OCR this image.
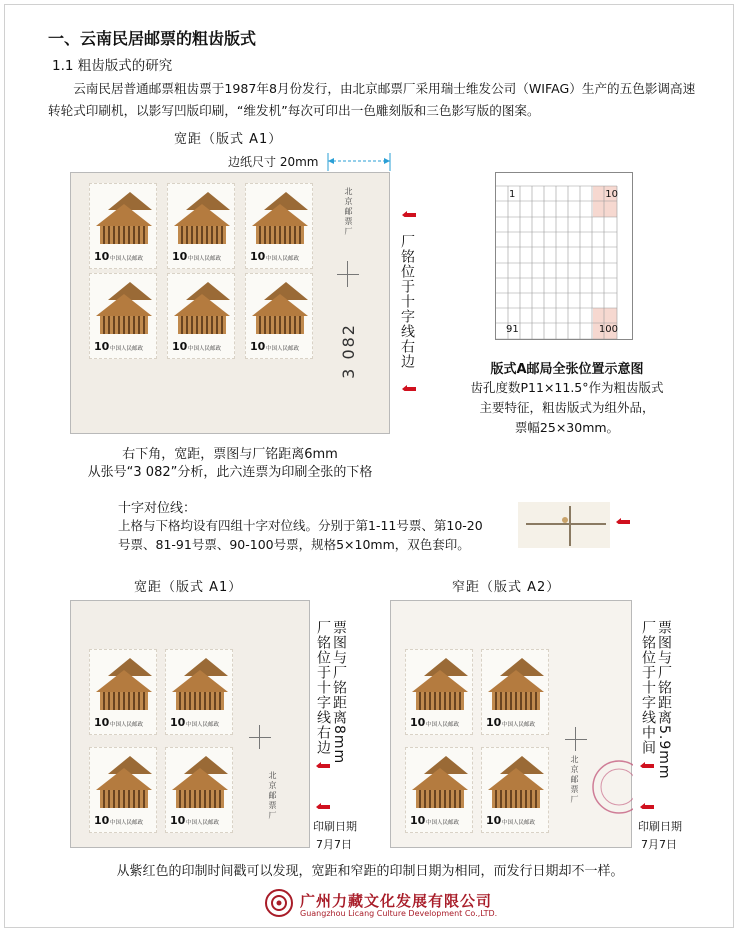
一、云南民居邮票的粗齿版式
1.1 粗齿版式的研究
云南民居普通邮票粗齿票于1987年8月份发行，由北京邮票厂采用瑞士维发公司（WIFAG）生产的五色影调高速转轮式印刷机，以影写凹版印刷，“维发机”每次可印出一色雕刻版和三色影写版的图案。
宽距（版式 A1）
边纸尺寸 20mm
10 中国人民邮政	10 中国人民邮政	10 中国人民邮政
10 中国人民邮政	10 中国人民邮政	10 中国人民邮政
北京邮票厂
3 082	厂铭位于十字线右边
右下角，宽距，票图与厂铭距离6mm
从张号“3 082”分析，此六连票为印刷全张的下格
1	10
91	100
版式A邮局全张位置示意图
齿孔度数P11×11.5°作为粗齿版式
主要特征，粗齿版式为组外品，
票幅25×30mm。
十字对位线：
上格与下格均设有四组十字对位线。分别于第1-11号票、第10-20
号票、81-91号票、90-100号票，规格5×10mm，双色套印。
宽距（版式 A1）	窄距（版式 A2）
10 中国人民邮政 10 中国人民邮政
10 中国人民邮政 10 中国人民邮政
北京邮票厂
厂铭位于十字线右边 票图与厂铭距离8mm
印刷日期
7月7日
10 中国人民邮政 10 中国人民邮政
10 中国人民邮政 10 中国人民邮政
北京邮票厂
厂铭位于十字线中间 票图与厂铭距离5.9mm
印刷日期
7月7日
从紫红色的印制时间戳可以发现，宽距和窄距的印制日期为相同，而发行日期却不一样。
广州力藏文化发展有限公司
Guangzhou Licang Culture Development Co.,LTD.
